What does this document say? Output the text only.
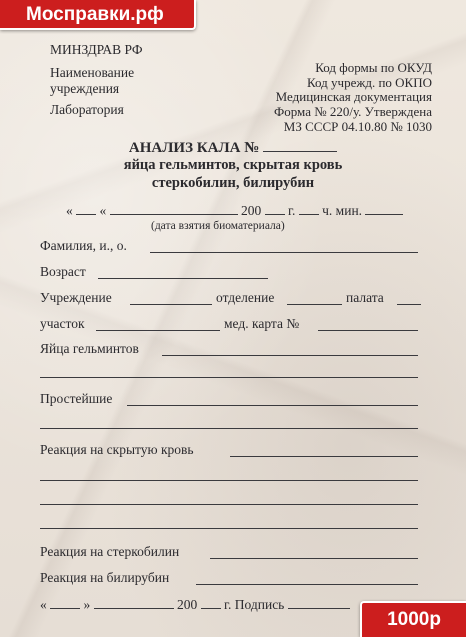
Мосправки.рф
МИНЗДРАВ РФ
Наименование
учреждения
Лаборатория
Код формы по ОКУД
Код учрежд. по ОКПО
Медицинская документация
Форма № 220/у. Утверждена
МЗ СССР 04.10.80 № 1030
АНАЛИЗ КАЛА №
яйца гельминтов, скрытая кровь
стеркобилин, билирубин
« «	200 г. ч. мин.
(дата взятия биоматериала)
Фамилия, и., о.
Возраст
Учреждение	отделение	палата
участок	мед. карта №
Яйца гельминтов
Простейшие
Реакция на скрытую кровь
Реакция на стеркобилин
Реакция на билирубин
«	»	200 г. Подпись
1000р
